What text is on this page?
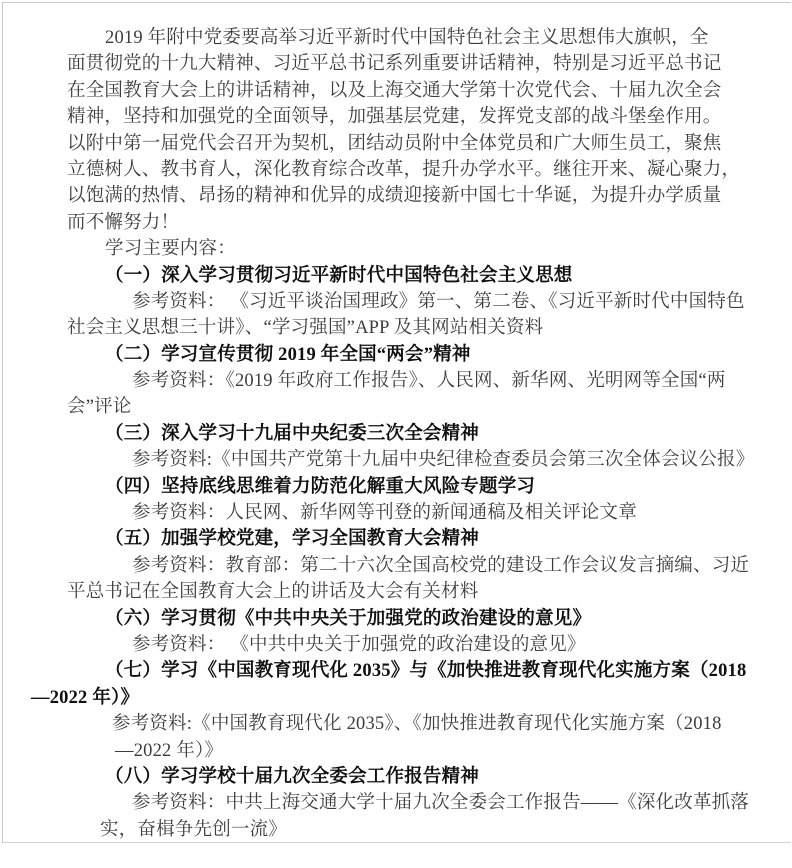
2019 年附中党委要高举习近平新时代中国特色社会主义思想伟大旗帜，全
面贯彻党的十九大精神、习近平总书记系列重要讲话精神，特别是习近平总书记
在全国教育大会上的讲话精神，以及上海交通大学第十次党代会、十届九次全会
精神，坚持和加强党的全面领导，加强基层党建，发挥党支部的战斗堡垒作用。
以附中第一届党代会召开为契机，团结动员附中全体党员和广大师生员工，聚焦
立德树人、教书育人，深化教育综合改革，提升办学水平。继往开来、凝心聚力，
以饱满的热情、昂扬的精神和优异的成绩迎接新中国七十华诞，为提升办学质量
而不懈努力！
学习主要内容：
（一）深入学习贯彻习近平新时代中国特色社会主义思想
参考资料： 《习近平谈治国理政》第一、第二卷、《习近平新时代中国特色
社会主义思想三十讲》、“学习强国”APP 及其网站相关资料
（二）学习宣传贯彻 2019 年全国“两会”精神
参考资料：《2019 年政府工作报告》、人民网、新华网、光明网等全国“两
会”评论
（三）深入学习十九届中央纪委三次全会精神
参考资料:《中国共产党第十九届中央纪律检查委员会第三次全体会议公报》
（四）坚持底线思维着力防范化解重大风险专题学习
参考资料：人民网、新华网等刊登的新闻通稿及相关评论文章
（五）加强学校党建，学习全国教育大会精神
参考资料：教育部：第二十六次全国高校党的建设工作会议发言摘编、习近
平总书记在全国教育大会上的讲话及大会有关材料
（六）学习贯彻《中共中央关于加强党的政治建设的意见》
参考资料： 《中共中央关于加强党的政治建设的意见》
（七）学习《中国教育现代化 2035》与《加快推进教育现代化实施方案（2018
—2022 年）》
参考资料:《中国教育现代化 2035》、《加快推进教育现代化实施方案（2018
—2022 年）》
（八）学习学校十届九次全委会工作报告精神
参考资料：中共上海交通大学十届九次全委会工作报告——《深化改革抓落
实，奋楫争先创一流》
